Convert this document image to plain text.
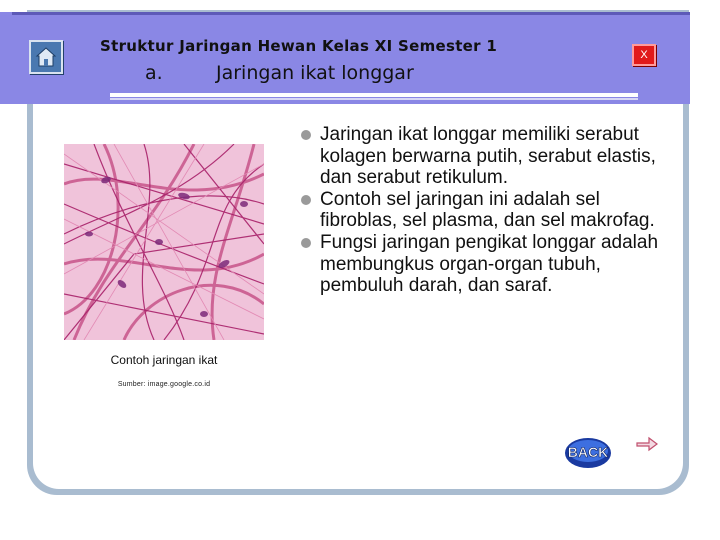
Struktur Jaringan Hewan Kelas XI Semester 1
a.	Jaringan ikat longgar
X
Contoh jaringan ikat
Sumber: image.google.co.id
Jaringan ikat longgar memiliki serabut kolagen berwarna putih, serabut elastis, dan serabut retikulum.
Contoh sel jaringan ini adalah sel fibroblas, sel plasma, dan sel makrofag.
Fungsi jaringan pengikat longgar adalah membungkus organ-organ tubuh, pembuluh darah, dan saraf.
BACK
